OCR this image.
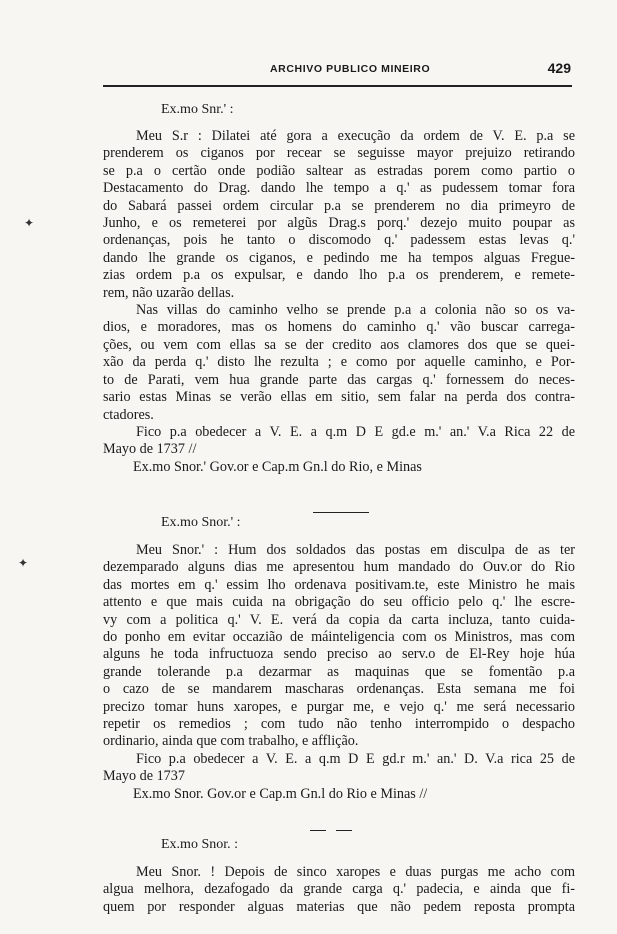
ARCHIVO PUBLICO MINEIRO	429
Ex.mo Snr.' :
Meu S.r : Dilatei até gora a execução da ordem de V. E. p.a se
prenderem os ciganos por recear se seguisse mayor prejuizo retirando
se p.a o certão onde podião saltear as estradas porem como partio o
Destacamento do Drag. dando lhe tempo a q.' as pudessem tomar fora
do Sabará passei ordem circular p.a se prenderem no dia primeyro de
Junho, e os remeterei por algũs Drag.s porq.' dezejo muito poupar as
ordenanças, pois he tanto o discomodo q.' padessem estas levas q.'
dando lhe grande os ciganos, e pedindo me ha tempos alguas Fregue-
zias ordem p.a os expulsar, e dando lho p.a os prenderem, e remete-
rem, não uzarão dellas.
Nas villas do caminho velho se prende p.a a colonia não so os va-
dios, e moradores, mas os homens do caminho q.' vão buscar carrega-
ções, ou vem com ellas sa se der credito aos clamores dos que se quei-
xão da perda q.' disto lhe rezulta ; e como por aquelle caminho, e Por-
to de Parati, vem hua grande parte das cargas q.' fornessem do neces-
sario estas Minas se verão ellas em sitio, sem falar na perda dos contra-
ctadores.
Fico p.a obedecer a V. E. a q.m D E gd.e m.' an.' V.a Rica 22 de
Mayo de 1737 //
Ex.mo Snor.' Gov.or e Cap.m Gn.l do Rio, e Minas
Ex.mo Snor.' :
Meu Snor.' : Hum dos soldados das postas em disculpa de as ter
dezemparado alguns dias me apresentou hum mandado do Ouv.or do Rio
das mortes em q.' essim lho ordenava positivam.te, este Ministro he mais
attento e que mais cuida na obrigação do seu officio pelo q.' lhe escre-
vy com a politica q.' V. E. verá da copia da carta incluza, tanto cuida-
do ponho em evitar occazião de máinteligencia com os Ministros, mas com
alguns he toda infructuoza sendo preciso ao serv.o de El-Rey hoje húa
grande tolerande p.a dezarmar as maquinas que se fomentão p.a
o cazo de se mandarem mascharas ordenanças. Esta semana me foi
precizo tomar huns xaropes, e purgar me, e vejo q.' me será necessario
repetir os remedios ; com tudo não tenho interrompido o despacho
ordinario, ainda que com trabalho, e afflição.
Fico p.a obedecer a V. E. a q.m D E gd.r m.' an.' D. V.a rica 25 de
Mayo de 1737
Ex.mo Snor. Gov.or e Cap.m Gn.l do Rio e Minas //
Ex.mo Snor. :
Meu Snor. ! Depois de sinco xaropes e duas purgas me acho com
algua melhora, dezafogado da grande carga q.' padecia, e ainda que fi-
quem por responder alguas materias que não pedem reposta prompta
✦
✦
